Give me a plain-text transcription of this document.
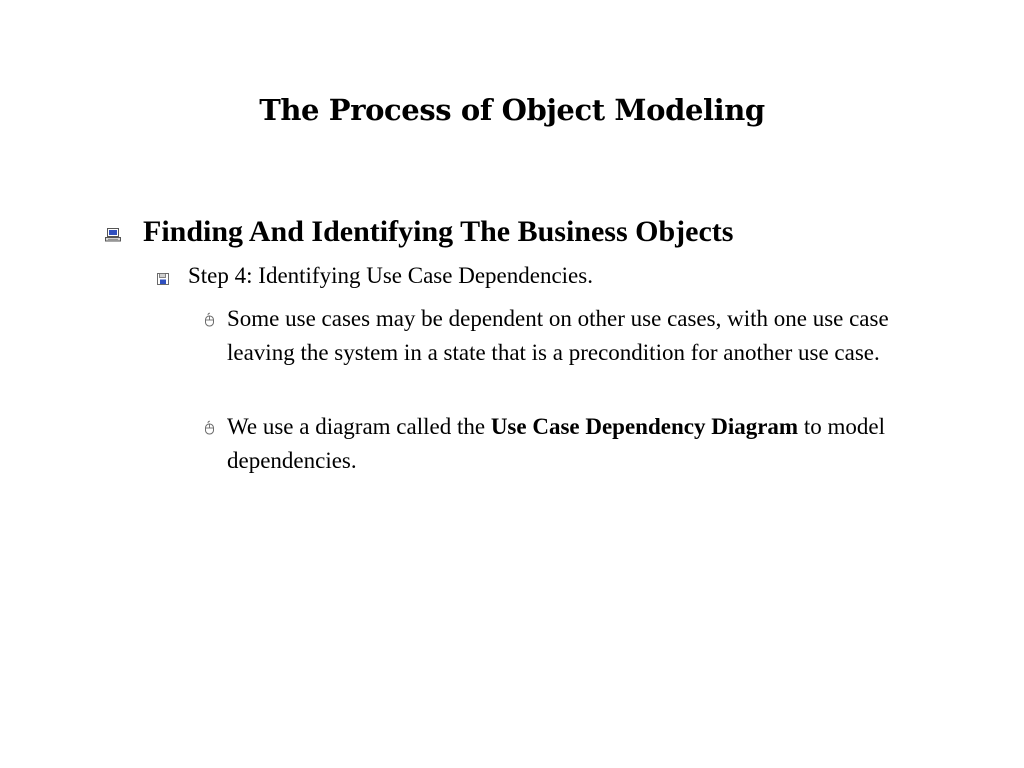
The Process of Object Modeling
Finding And Identifying The Business Objects
Step 4: Identifying Use Case Dependencies.
Some use cases may be dependent on other use cases, with one use case leaving the system in a state that is a precondition for another use case.
We use a diagram called the Use Case Dependency Diagram to model dependencies.
